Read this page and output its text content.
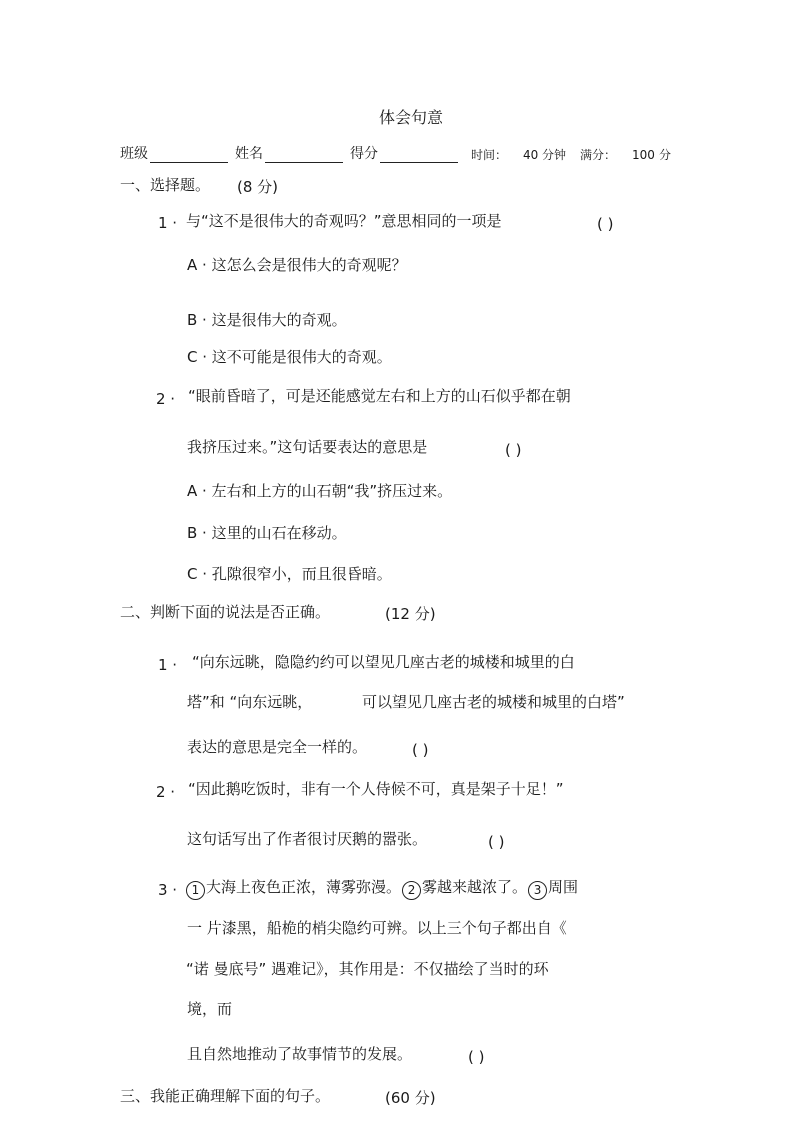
体会句意
班级	姓名	得分	时间： 40 分钟 满分： 100 分
一、选择题。 (8 分)
1 · 与“这不是很伟大的奇观吗？”意思相同的一项是	( )
A · 这怎么会是很伟大的奇观呢？
B · 这是很伟大的奇观。
C · 这不可能是很伟大的奇观。
2 · “眼前昏暗了，可是还能感觉左右和上方的山石似乎都在朝
我挤压过来。”这句话要表达的意思是	( )
A · 左右和上方的山石朝“我”挤压过来。
B · 这里的山石在移动。
C · 孔隙很窄小，而且很昏暗。
二、判断下面的说法是否正确。	(12 分)
1 · “向东远眺，隐隐约约可以望见几座古老的城楼和城里的白
塔”和 “向东远眺，	可以望见几座古老的城楼和城里的白塔”
表达的意思是完全一样的。	( )
2 · “因此鹅吃饭时，非有一个人侍候不可，真是架子十足！”
这句话写出了作者很讨厌鹅的嚣张。	( )
3 ·	1 大海上夜色正浓，薄雾弥漫。 2 雾越来越浓了。 3 周围
一 片漆黑，船桅的梢尖隐约可辨。以上三个句子都出自《
“诺 曼底号” 遇难记》，其作用是：不仅描绘了当时的环
境，而
且自然地推动了故事情节的发展。	( )
三、我能正确理解下面的句子。	(60 分)
